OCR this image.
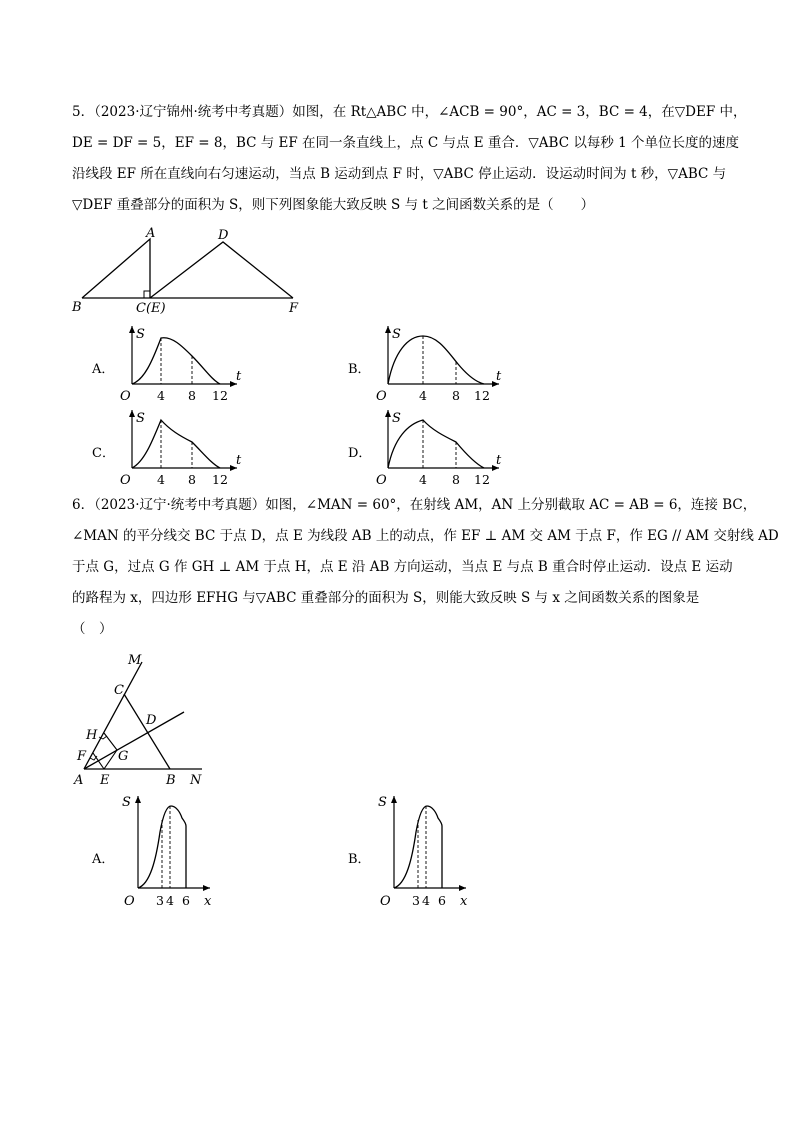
5．（2023·辽宁锦州·统考中考真题）如图，在 Rt△ABC 中，∠ACB = 90°，AC = 3，BC = 4，在▽DEF 中，
DE = DF = 5，EF = 8，BC 与 EF 在同一条直线上，点 C 与点 E 重合．▽ABC 以每秒 1 个单位长度的速度
沿线段 EF 所在直线向右匀速运动，当点 B 运动到点 F 时，▽ABC 停止运动．设运动时间为 t 秒，▽ABC 与
▽DEF 重叠部分的面积为 S，则下列图象能大致反映 S 与 t 之间函数关系的是（　　）
A	D
B	C(E)	F
A．
S
t
O 4 8 12
B．
S
t
O	4 8 12
C．
S
t
O 4 8 12
D．
S
t
O	4 8 12
6．（2023·辽宁·统考中考真题）如图，∠MAN = 60°，在射线 AM，AN 上分别截取 AC = AB = 6，连接 BC，
∠MAN 的平分线交 BC 于点 D，点 E 为线段 AB 上的动点，作 EF ⊥ AM 交 AM 于点 F，作 EG // AM 交射线 AD
于点 G，过点 G 作 GH ⊥ AM 于点 H，点 E 沿 AB 方向运动，当点 E 与点 B 重合时停止运动．设点 E 运动
的路程为 x，四边形 EFHG 与▽ABC 重叠部分的面积为 S，则能大致反映 S 与 x 之间函数关系的图象是
（　）
M
C
D
H
F G
A E	B N
A．
S
x
O 3 4 6
B．
S
x
O 3 4 6
